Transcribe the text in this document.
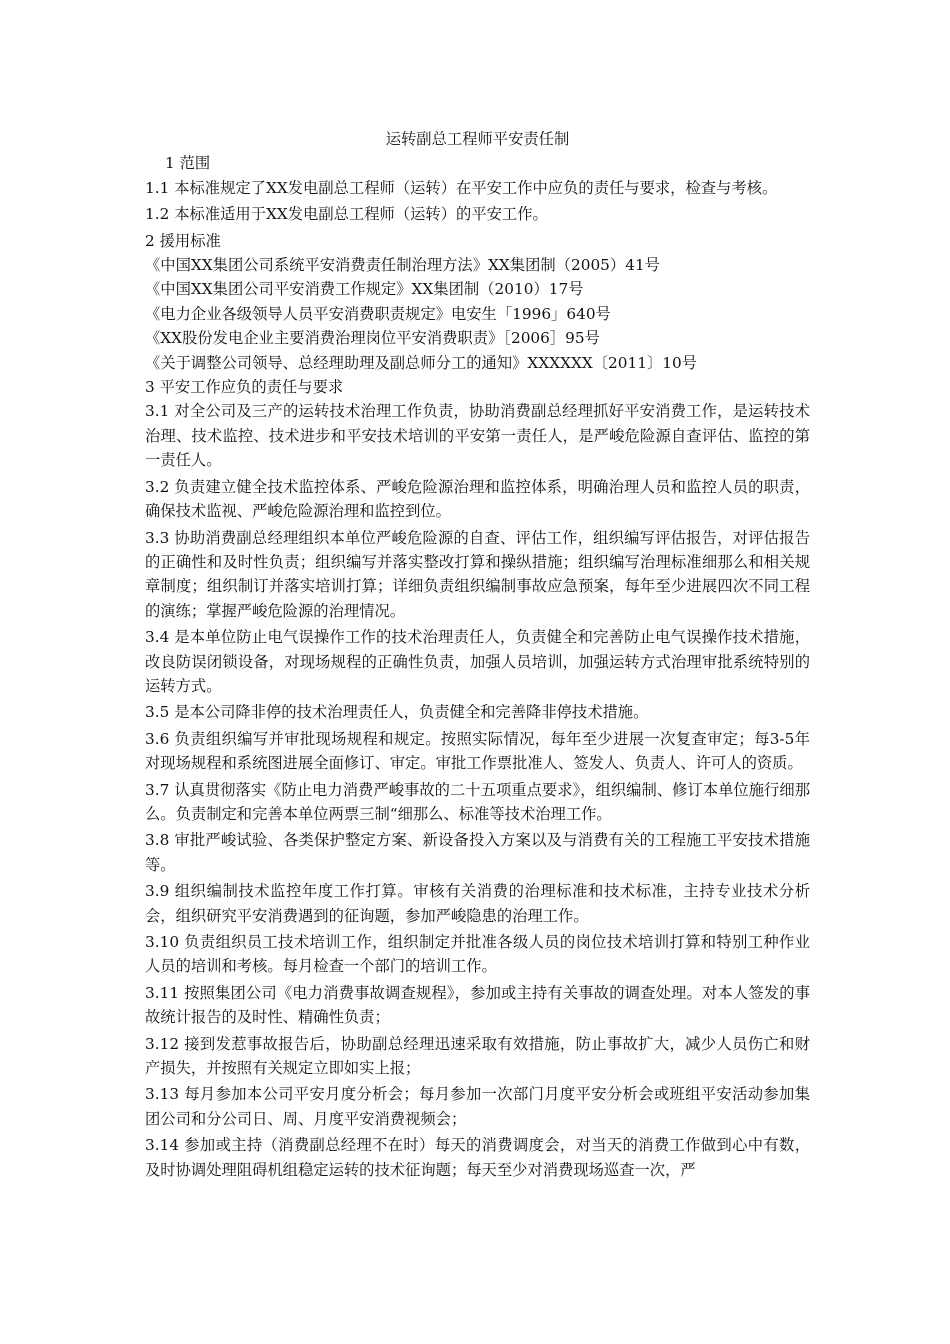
运转副总工程师平安责任制

1 范围

1.1 本标准规定了XX发电副总工程师（运转）在平安工作中应负的责任与要求，检查与考核。

1.2 本标准适用于XX发电副总工程师（运转）的平安工作。

2 援用标准

《中国XX集团公司系统平安消费责任制治理方法》XX集团制（2005）41号

《中国XX集团公司平安消费工作规定》XX集团制（2010）17号

《电力企业各级领导人员平安消费职责规定》电安生「1996」640号

《XX股份发电企业主要消费治理岗位平安消费职责》［2006］95号

《关于调整公司领导、总经理助理及副总师分工的通知》XXXXXX〔2011〕10号

3 平安工作应负的责任与要求

3.1 对全公司及三产的运转技术治理工作负责，协助消费副总经理抓好平安消费工作，是运转技术治理、技术监控、技术进步和平安技术培训的平安第一责任人，是严峻危险源自查评估、监控的第一责任人。

3.2 负责建立健全技术监控体系、严峻危险源治理和监控体系，明确治理人员和监控人员的职责，确保技术监视、严峻危险源治理和监控到位。

3.3 协助消费副总经理组织本单位严峻危险源的自查、评估工作，组织编写评估报告，对评估报告的正确性和及时性负责；组织编写并落实整改打算和操纵措施；组织编写治理标准细那么和相关规章制度；组织制订并落实培训打算；详细负责组织编制事故应急预案，每年至少进展四次不同工程的演练；掌握严峻危险源的治理情况。

3.4 是本单位防止电气误操作工作的技术治理责任人，负责健全和完善防止电气误操作技术措施，改良防误闭锁设备，对现场规程的正确性负责，加强人员培训，加强运转方式治理审批系统特别的运转方式。

3.5 是本公司降非停的技术治理责任人，负责健全和完善降非停技术措施。

3.6 负责组织编写并审批现场规程和规定。按照实际情况，每年至少进展一次复查审定；每3-5年对现场规程和系统图进展全面修订、审定。审批工作票批准人、签发人、负责人、许可人的资质。

3.7 认真贯彻落实《防止电力消费严峻事故的二十五项重点要求》，组织编制、修订本单位施行细那么。负责制定和完善本单位两票三制“细那么、标准等技术治理工作。

3.8 审批严峻试验、各类保护整定方案、新设备投入方案以及与消费有关的工程施工平安技术措施等。

3.9 组织编制技术监控年度工作打算。审核有关消费的治理标准和技术标准，主持专业技术分析会，组织研究平安消费遇到的征询题，参加严峻隐患的治理工作。

3.10 负责组织员工技术培训工作，组织制定并批准各级人员的岗位技术培训打算和特别工种作业人员的培训和考核。每月检查一个部门的培训工作。

3.11 按照集团公司《电力消费事故调查规程》，参加或主持有关事故的调查处理。对本人签发的事故统计报告的及时性、精确性负责；

3.12 接到发惹事故报告后，协助副总经理迅速采取有效措施，防止事故扩大，减少人员伤亡和财产损失，并按照有关规定立即如实上报；

3.13 每月参加本公司平安月度分析会；每月参加一次部门月度平安分析会或班组平安活动参加集团公司和分公司日、周、月度平安消费视频会；

3.14 参加或主持（消费副总经理不在时）每天的消费调度会，对当天的消费工作做到心中有数，及时协调处理阻碍机组稳定运转的技术征询题；每天至少对消费现场巡查一次，严
